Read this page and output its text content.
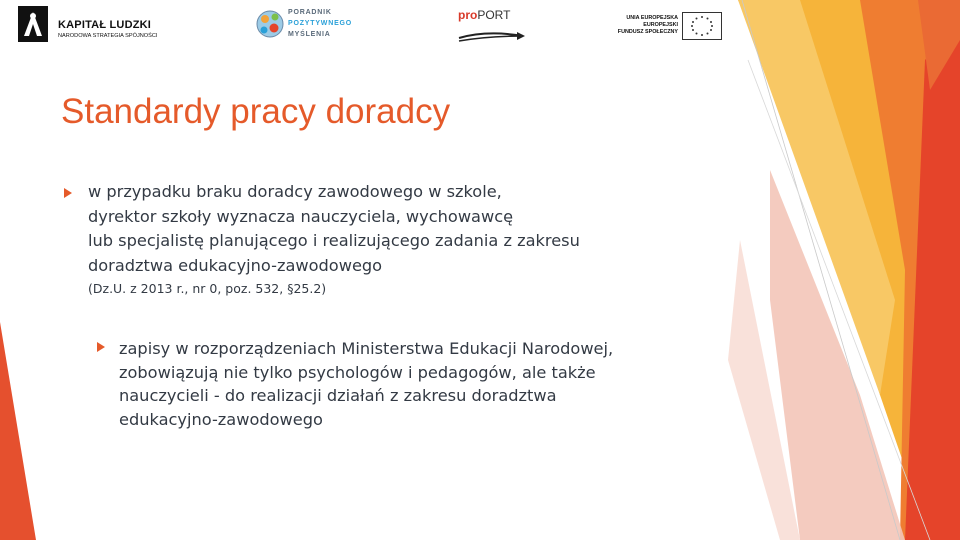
KAPITAŁ LUDZKI
NARODOWA STRATEGIA SPÓJNOŚCI
PORADNIK
POZYTYWNEGO
MYŚLENIA
proPORT	UNIA EUROPEJSKA
EUROPEJSKI
FUNDUSZ SPOŁECZNY
Standardy pracy doradcy
w przypadku braku doradcy zawodowego w szkole,
dyrektor szkoły wyznacza nauczyciela, wychowawcę
lub specjalistę planującego i realizującego zadania z zakresu
doradztwa edukacyjno-zawodowego
(Dz.U. z 2013 r., nr 0, poz. 532, §25.2)
zapisy w rozporządzeniach Ministerstwa Edukacji Narodowej,
zobowiązują nie tylko psychologów i pedagogów, ale także
nauczycieli - do realizacji działań z zakresu doradztwa
edukacyjno-zawodowego
